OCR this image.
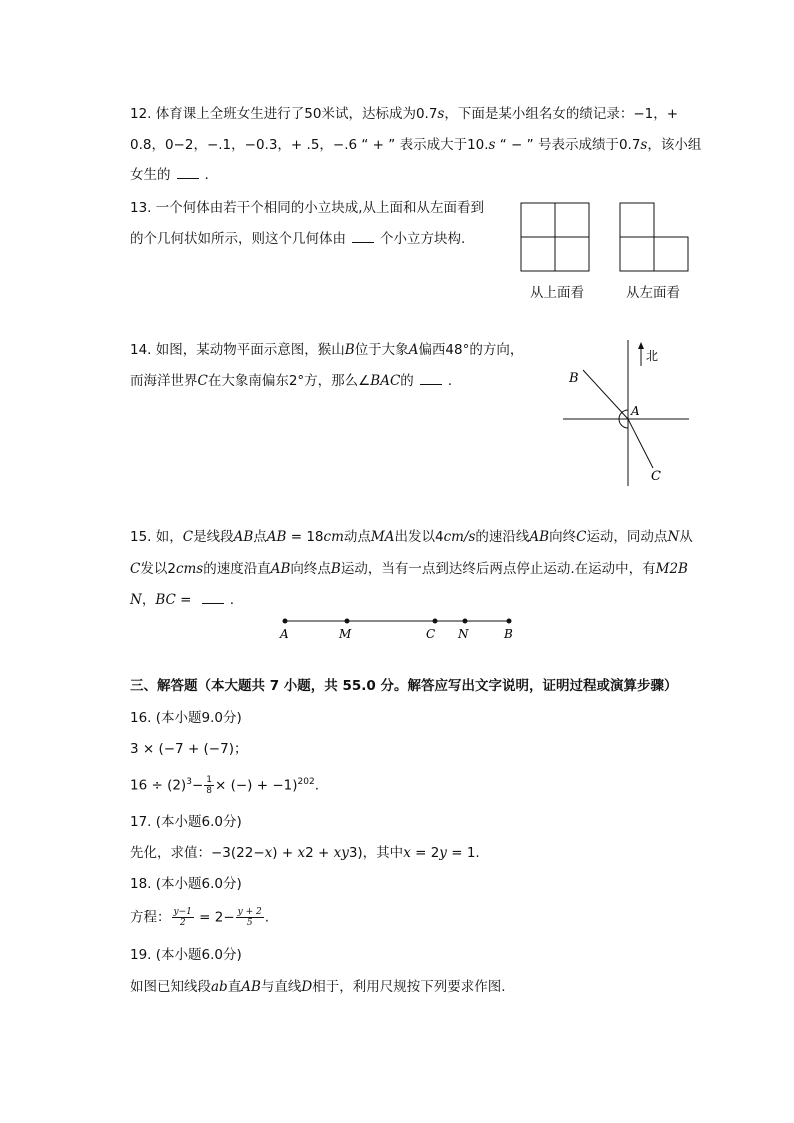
12. 体育课上全班女生进行了50米试，达标成为0.7s，下面是某小组名女的绩记录：−1，+
0.8，0−2，−.1，−0.3，+ .5，−.6 “ + ” 表示成大于10.s “ − ” 号表示成绩于0.7s，该小组
女生的	.
13. 一个何体由若干个相同的小立块成,从上面和从左面看到
的个几何状如所示，则这个几何体由	个小立方块构.
从上面看	从左面看
14. 如图，某动物平面示意图，猴山B位于大象A偏西48°的方向，
而海洋世界C在大象南偏东2°方，那么∠BAC的	.
北
B
A
C
15. 如，C是线段AB点AB = 18cm动点MA出发以4cm/s的速沿线AB向终C运动，同动点N从
C发以2cms的速度沿直AB向终点B运动，当有一点到达终后两点停止运动.在运动中，有M2B
N，BC =	.
A	M	C N	B
三、解答题（本大题共 7 小题，共 55.0 分。解答应写出文字说明，证明过程或演算步骤）
16. (本小题9.0分)
3 × (−7 + (−7)；
$16 \div (2)^3- \frac{1}{8}$ × (−) + −1)$^{202}$.
17. (本小题6.0分)
先化，求值：−3(22−x) + x2 + xy3)，其中x = 2y = 1.
18. (本小题6.0分)
方程： $\frac{y-1}{2} = 2- \frac{y + 2}{5}$ .
19. (本小题6.0分)
如图已知线段ab直AB与直线D相于，利用尺规按下列要求作图.
